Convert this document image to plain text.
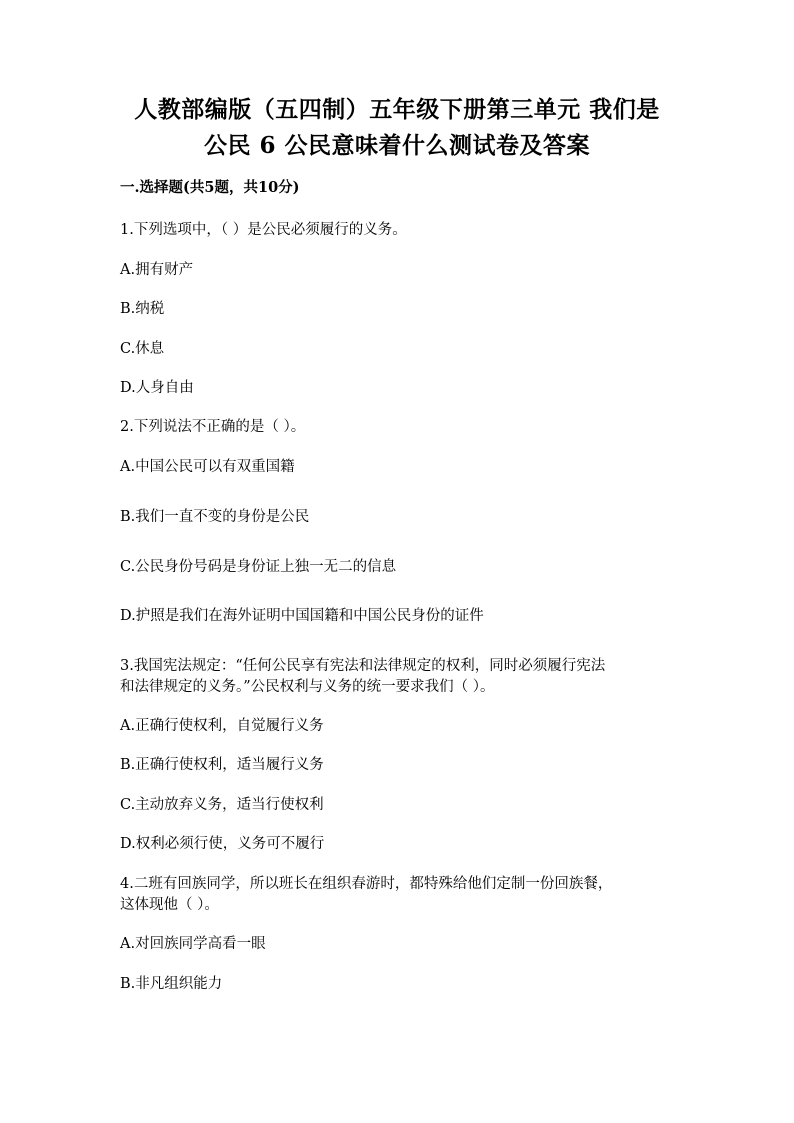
人教部编版（五四制）五年级下册第三单元 我们是
公民 6 公民意味着什么测试卷及答案
一.选择题(共5题，共10分)
1.下列选项中，（ ）是公民必须履行的义务。
A.拥有财产
B.纳税
C.休息
D.人身自由
2.下列说法不正确的是（ ）。
A.中国公民可以有双重国籍
B.我们一直不变的身份是公民
C.公民身份号码是身份证上独一无二的信息
D.护照是我们在海外证明中国国籍和中国公民身份的证件
3.我国宪法规定：“任何公民享有宪法和法律规定的权利，同时必须履行宪法
和法律规定的义务。”公民权利与义务的统一要求我们（ ）。
A.正确行使权利，自觉履行义务
B.正确行使权利，适当履行义务
C.主动放弃义务，适当行使权利
D.权利必须行使，义务可不履行
4.二班有回族同学，所以班长在组织春游时，都特殊给他们定制一份回族餐，
这体现他（ ）。
A.对回族同学高看一眼
B.非凡组织能力
